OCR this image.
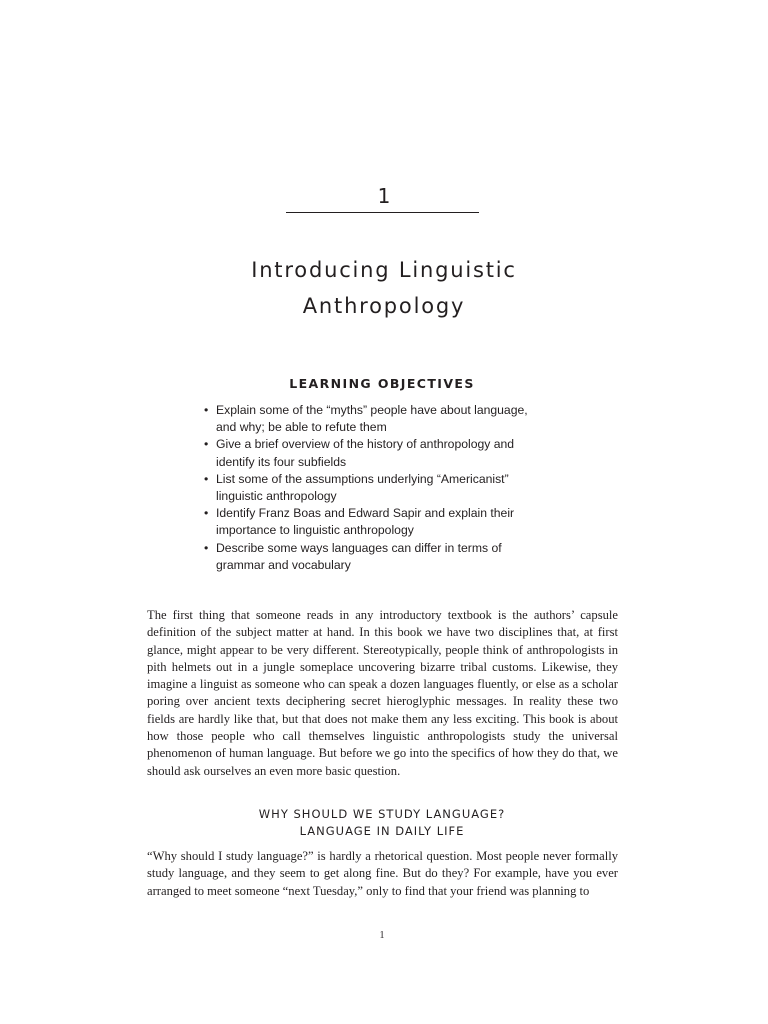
1
Introducing Linguistic
Anthropology
LEARNING OBJECTIVES
• Explain some of the “myths” people have about language, and why; be able to refute them
• Give a brief overview of the history of anthropology and identify its four subfields
• List some of the assumptions underlying “Americanist” linguistic anthropology
• Identify Franz Boas and Edward Sapir and explain their importance to linguistic anthropology
• Describe some ways languages can differ in terms of grammar and vocabulary

The first thing that someone reads in any introductory textbook is the authors’ capsule definition of the subject matter at hand. In this book we have two disciplines that, at first glance, might appear to be very different. Stereotypically, people think of anthropologists in pith helmets out in a jungle someplace uncovering bizarre tribal customs. Likewise, they imagine a linguist as someone who can speak a dozen languages fluently, or else as a scholar poring over ancient texts deciphering secret hieroglyphic messages. In reality these two fields are hardly like that, but that does not make them any less exciting. This book is about how those people who call themselves linguistic anthropologists study the universal phenomenon of human language. But before we go into the specifics of how they do that, we should ask ourselves an even more basic question.

WHY SHOULD WE STUDY LANGUAGE?
LANGUAGE IN DAILY LIFE

“Why should I study language?” is hardly a rhetorical question. Most people never formally study language, and they seem to get along fine. But do they? For example, have you ever arranged to meet someone “next Tuesday,” only to find that your friend was planning to

1
